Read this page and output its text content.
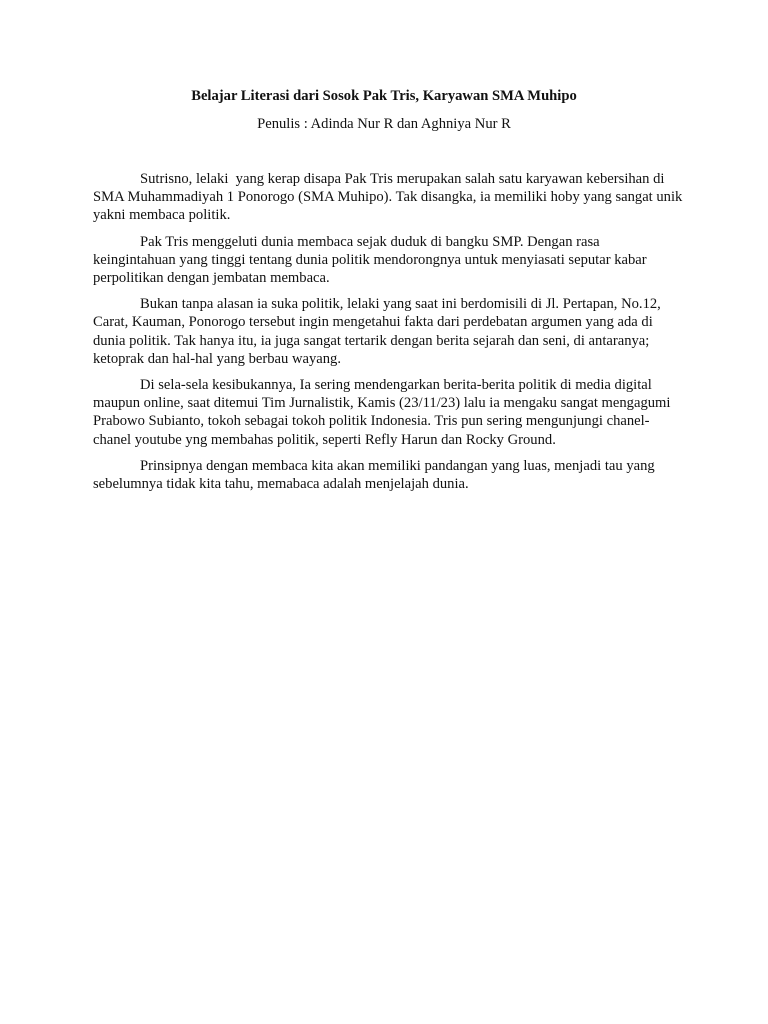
Belajar Literasi dari Sosok Pak Tris, Karyawan SMA Muhipo

Penulis : Adinda Nur R dan Aghniya Nur R

Sutrisno, lelaki  yang kerap disapa Pak Tris merupakan salah satu karyawan kebersihan di SMA Muhammadiyah 1 Ponorogo (SMA Muhipo). Tak disangka, ia memiliki hoby yang sangat unik yakni membaca politik.

Pak Tris menggeluti dunia membaca sejak duduk di bangku SMP. Dengan rasa keingintahuan yang tinggi tentang dunia politik mendorongnya untuk menyiasati seputar kabar perpolitikan dengan jembatan membaca.

Bukan tanpa alasan ia suka politik, lelaki yang saat ini berdomisili di Jl. Pertapan, No.12, Carat, Kauman, Ponorogo tersebut ingin mengetahui fakta dari perdebatan argumen yang ada di dunia politik. Tak hanya itu, ia juga sangat tertarik dengan berita sejarah dan seni, di antaranya; ketoprak dan hal-hal yang berbau wayang.

Di sela-sela kesibukannya, Ia sering mendengarkan berita-berita politik di media digital maupun online, saat ditemui Tim Jurnalistik, Kamis (23/11/23) lalu ia mengaku sangat mengagumi Prabowo Subianto, tokoh sebagai tokoh politik Indonesia. Tris pun sering mengunjungi chanel-chanel youtube yng membahas politik, seperti Refly Harun dan Rocky Ground.

Prinsipnya dengan membaca kita akan memiliki pandangan yang luas, menjadi tau yang sebelumnya tidak kita tahu, memabaca adalah menjelajah dunia.
